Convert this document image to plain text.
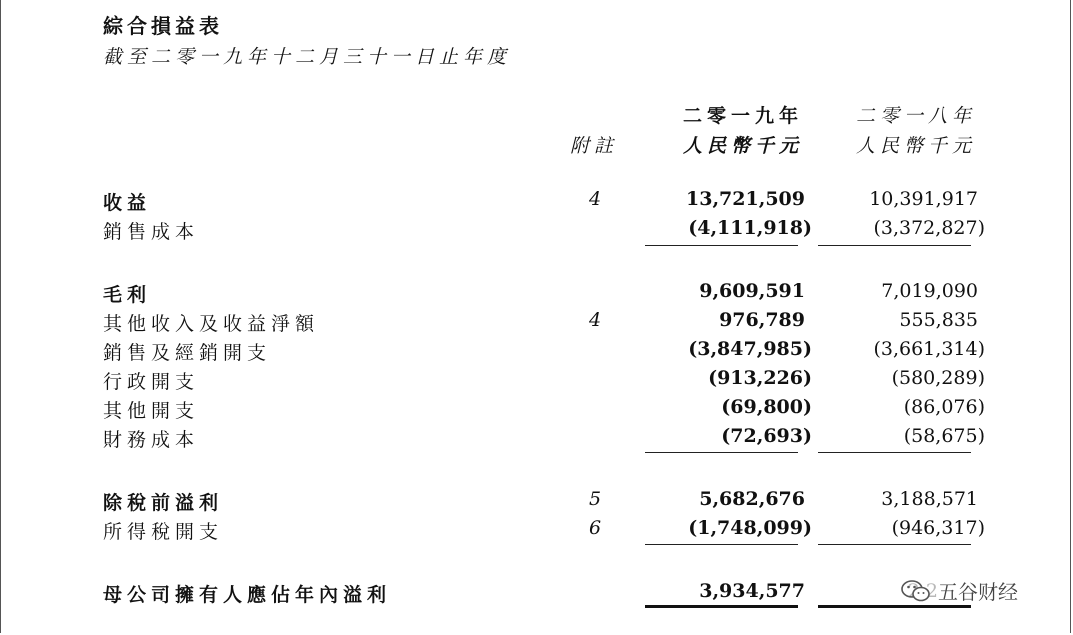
綜合損益表
截至二零一九年十二月三十一日止年度
附註
二零一九年	二零一八年
人民幣千元	人民幣千元
收益	4	13,721,509	10,391,917
銷售成本	(4,111,918)	(3,372,827)
毛利	9,609,591	7,019,090
其他收入及收益淨額	4	976,789	555,835
銷售及經銷開支	(3,847,985)	(3,661,314)
行政開支	(913,226)	(580,289)
其他開支	(69,800)	(86,076)
財務成本	(72,693)	(58,675)
除稅前溢利	5	5,682,676	3,188,571
所得稅開支	6	(1,748,099)	(946,317)
母公司擁有人應佔年內溢利	3,934,577	五谷财经
